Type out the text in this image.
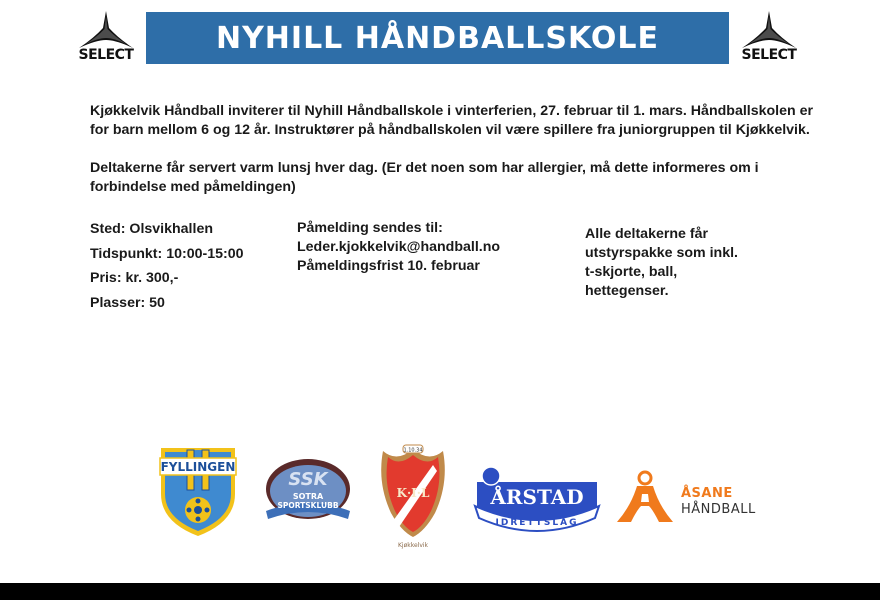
SELECT	NYHILL HÅNDBALLSKOLE	SELECT
Kjøkkelvik Håndball inviterer til Nyhill Håndballskole i vinterferien, 27. februar til 1. mars. Håndballskolen er
for barn mellom 6 og 12 år. Instruktører på håndballskolen vil være spillere fra juniorgruppen til Kjøkkelvik.
Deltakerne får servert varm lunsj hver dag. (Er det noen som har allergier, må dette informeres om i
forbindelse med påmeldingen)
Sted: Olsvikhallen
Tidspunkt: 10:00-15:00
Pris: kr. 300,-
Plasser: 50
Påmelding sendes til:
Leder.kjokkelvik@handball.no
Påmeldingsfrist 10. februar
Alle deltakerne får
utstyrspakke som inkl.
t-skjorte, ball,
hettegenser.
FYLLINGEN
SSK
SOTRA
SPORTSKLUBB
1.10.34
K·I·L
Kjøkkelvik
ÅRSTAD
IDRETTSLAG
ÅSANE
HÅNDBALL
